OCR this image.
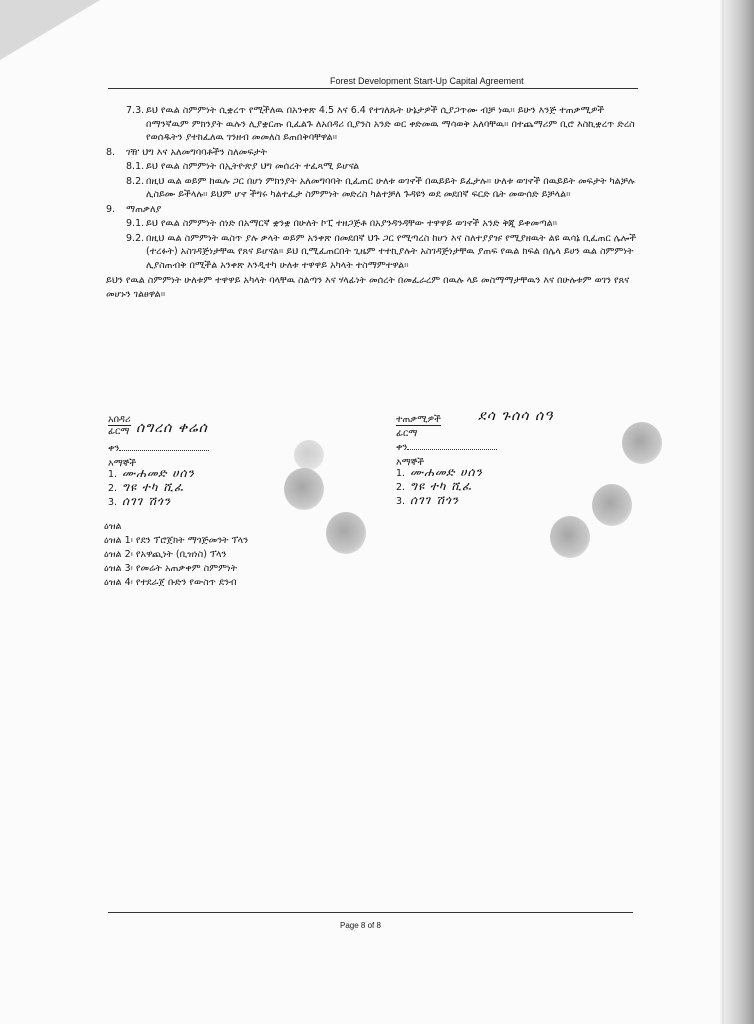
Forest Development Start-Up Capital Agreement
7.3. ይህ የዉል ስምምነት ሲቋረጥ የሚችለዉ በአንቀጽ 4.5 እና 6.4 የተገለጹት ሁኔታዎች ሲያጋጥሙ ብቻ ነዉ። ይሁን እንጅ ተጠቃሚዎች በማንኛዉም ምክንያት ዉሉን ሊያቋርጡ ቢፈልጉ ለአበዳሪ ቢያንስ አንድ ወር ቀድመዉ ማሳወቅ አለባቸዉ። በተጨማሪም ቢሮ እስኪቋረጥ ድረስ የወሰዱትን ያተከፈለዉ ገንዘብ መመለስ ይጠበቅባቸዋል።
8. ገዥ ህግ እና አለመግባባቶችን ስለመፍታት
8.1. ይህ የዉል ስምምነት በኢትዮጵያ ህግ መሰረት ተፈጻሚ ይሆናል
8.2. በዚህ ዉል ወይም ከዉሉ ጋር በሆነ ምክንያት አለመግባባት ቢፈጠር ሁለቱ ወገኖች በዉይይት ይፈታሉ። ሁለቱ ወገኖች በዉይይት መፍታት ካልቻሉ ሊስይሙ ይችላሉ። ይህም ሆኖ ችግሩ ካልተፈታ ስምምነት መድረስ ካልተቻለ ጉዳዩን ወደ መደበኛ ፍርድ ቤት መውሰድ ይቻላል።
9. ማጠቃለያ
9.1. ይህ የዉል ስምምነት ሰነድ በአማርኛ ቋንቋ በሁለት ኮፒ ተዘጋጅቶ በአያንዳንዳቸው ተዋዋይ ወገኖች አንድ ቅጂ ይቀመጣል።
9.2. በዚህ ዉል ስምምነት ዉስጥ ያሉ ቃላት ወይም አንቀጽ በመደበኛ ህጉ ጋር የሚጣረስ ከሆነ እና ስለተያያዡ የሚያዘዉት ልዩ ዉሳኔ ቢፈጠር ሌሎች (ተረፉት) አስገዳጅነታቸዉ የጸና ይሆናል። ይህ ቢሚፈጠርበት ጊዜም ተተኪያሉት አስገዳጅነታቸዉ ያጠፍ የዉል ክፍል በሌላ ይሀን ዉል ስምምነት ሊያስጠብቅ በሚችል አንቀጽ እንዲተካ ሁለቱ ተዋዋይ አካላት ተስማምተዋል።

ይህን የዉል ስምምነት ሁለቱም ተዋዋይ አካላት ባላቸዉ ስልጣን እና ሃላፊነት መሰረት በመፈራረም በዉሉ ላይ መስማማታቸዉን እና በሁሉቱም ወገን የጸና መሆኑን ገልፀዋል።

አበዳሪ
ፊርማ ሰግረሰ ቀሬሰ
ቀን
እማኞች
1. ሙሐመድ ሀሰን
2. ግዩ ተካ ሺፈ
3. ሰገገ ሽጎን
ተጠቃሚዎች	ደሳ ጉሰሳ ሰዓ
ፊርማ
ቀን
እማኞች
1. ሙሐመድ ሀሰን
2. ግዩ ተካ ሺፈ
3. ሰገገ ሽጎን
ዕዝል
ዕዝል 1፡ የደን ፕሮጀክት ማጎጅመንት ፕላን
ዕዝል 2፡ የአዋጪነት (ቢዝነስ) ፕላን
ዕዝል 3፡ የመሬት አጠቃቀም ስምምነት
ዕዝል 4፡ የተደራጀ ቡድን የውስጥ ደንብ
Page 8 of 8
